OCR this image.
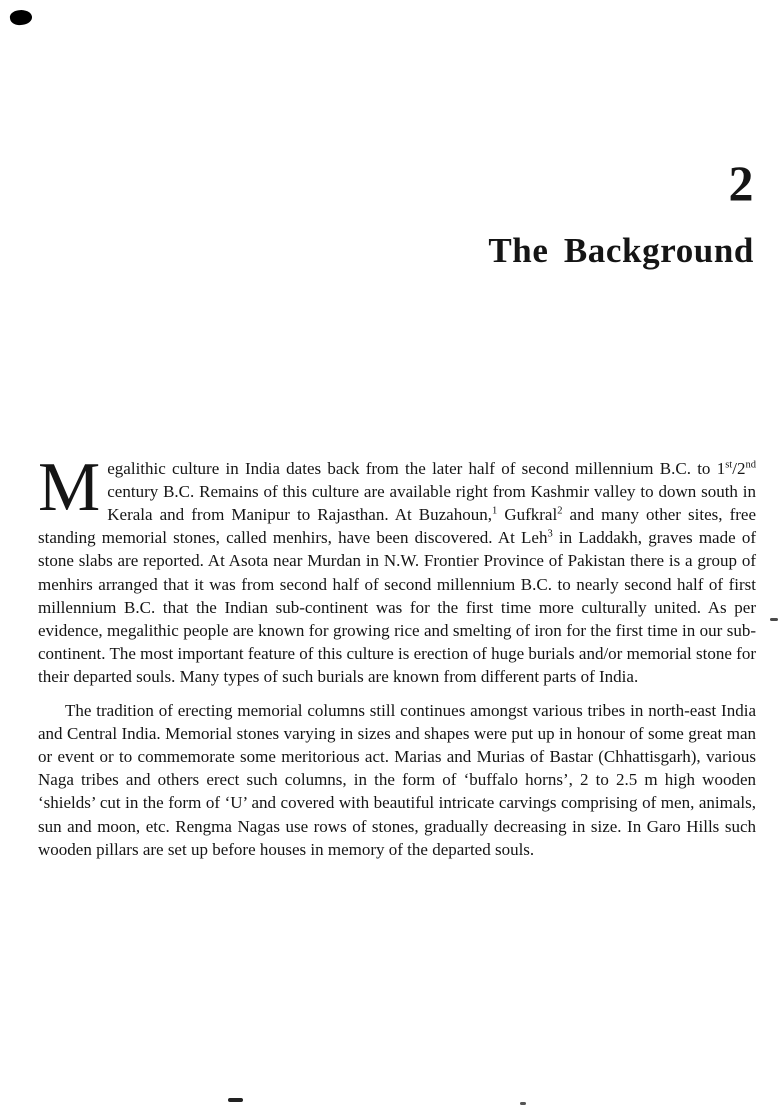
2
The Background

Megalithic culture in India dates back from the later half of second millennium B.C. to 1st/2nd century B.C. Remains of this culture are available right from Kashmir valley to down south in Kerala and from Manipur to Rajasthan. At Buzahoun,$^1$ Gufkral$^2$ and many other sites, free standing memorial stones, called menhirs, have been discovered. At Leh$^3$ in Laddakh, graves made of stone slabs are reported. At Asota near Murdan in N.W. Frontier Province of Pakistan there is a group of menhirs arranged that it was from second half of second millennium B.C. to nearly second half of first millennium B.C. that the Indian sub-continent was for the first time more culturally united. As per evidence, megalithic people are known for growing rice and smelting of iron for the first time in our sub-continent. The most important feature of this culture is erection of huge burials and/or memorial stone for their departed souls. Many types of such burials are known from different parts of India.

The tradition of erecting memorial columns still continues amongst various tribes in north-east India and Central India. Memorial stones varying in sizes and shapes were put up in honour of some great man or event or to commemorate some meritorious act. Marias and Murias of Bastar (Chhattisgarh), various Naga tribes and others erect such columns, in the form of ‘buffalo horns’, 2 to 2.5 m high wooden ‘shields’ cut in the form of ‘U’ and covered with beautiful intricate carvings comprising of men, animals, sun and moon, etc. Rengma Nagas use rows of stones, gradually decreasing in size. In Garo Hills such wooden pillars are set up before houses in memory of the departed souls.
